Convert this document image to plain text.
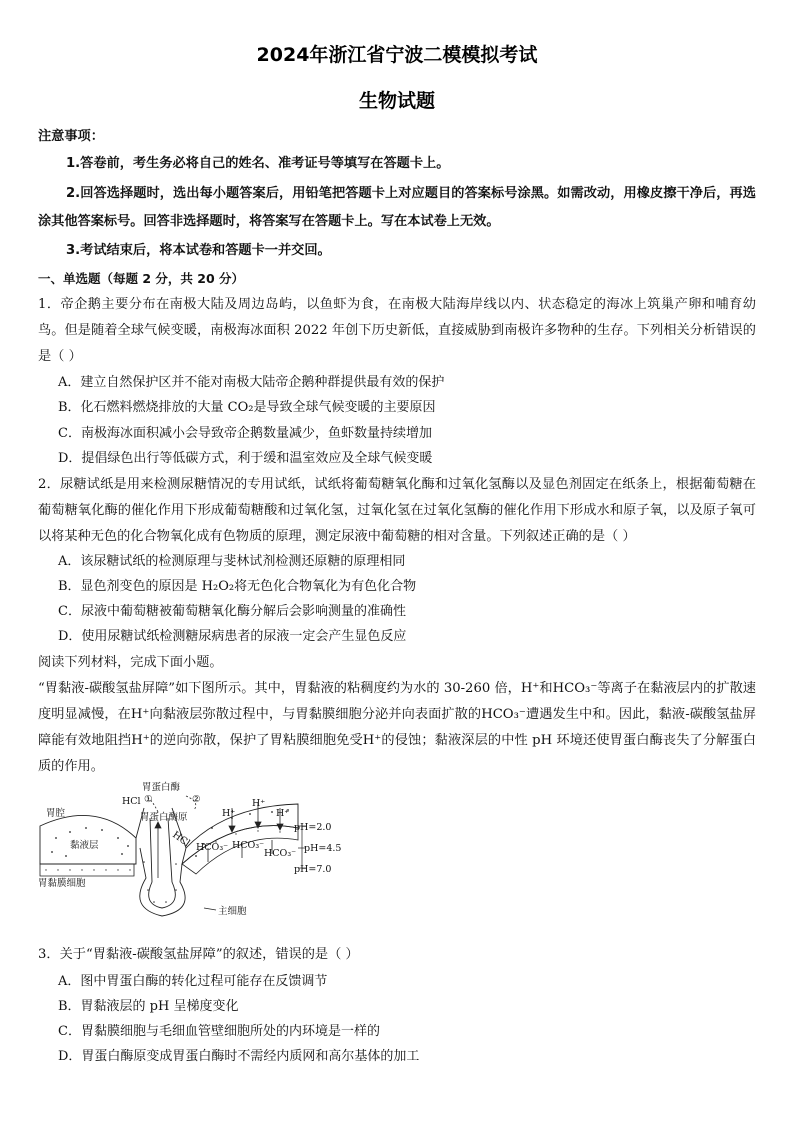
2024年浙江省宁波二模模拟考试
生物试题
注意事项：
1.答卷前，考生务必将自己的姓名、准考证号等填写在答题卡上。
2.回答选择题时，选出每小题答案后，用铅笔把答题卡上对应题目的答案标号涂黑。如需改动，用橡皮擦干净后，再选涂其他答案标号。回答非选择题时，将答案写在答题卡上。写在本试卷上无效。
3.考试结束后，将本试卷和答题卡一并交回。
一、单选题（每题 2 分，共 20 分）
1．帝企鹅主要分布在南极大陆及周边岛屿，以鱼虾为食，在南极大陆海岸线以内、状态稳定的海冰上筑巢产卵和哺育幼鸟。但是随着全球气候变暖，南极海冰面积 2022 年创下历史新低，直接威胁到南极许多物种的生存。下列相关分析错误的是（ ）
A．建立自然保护区并不能对南极大陆帝企鹅种群提供最有效的保护
B．化石燃料燃烧排放的大量 CO₂是导致全球气候变暖的主要原因
C．南极海冰面积减小会导致帝企鹅数量减少，鱼虾数量持续增加
D．提倡绿色出行等低碳方式，利于缓和温室效应及全球气候变暖
2．尿糖试纸是用来检测尿糖情况的专用试纸，试纸将葡萄糖氧化酶和过氧化氢酶以及显色剂固定在纸条上，根据葡萄糖在葡萄糖氧化酶的催化作用下形成葡萄糖酸和过氧化氢，过氧化氢在过氧化氢酶的催化作用下形成水和原子氧，以及原子氧可以将某种无色的化合物氧化成有色物质的原理，测定尿液中葡萄糖的相对含量。下列叙述正确的是（ ）
A．该尿糖试纸的检测原理与斐林试剂检测还原糖的原理相同
B．显色剂变色的原因是 H₂O₂将无色化合物氧化为有色化合物
C．尿液中葡萄糖被葡萄糖氧化酶分解后会影响测量的准确性
D．使用尿糖试纸检测糖尿病患者的尿液一定会产生显色反应
阅读下列材料，完成下面小题。
“胃黏液-碳酸氢盐屏障”如下图所示。其中，胃黏液的粘稠度约为水的 30-260 倍，H⁺和HCO₃⁻等离子在黏液层内的扩散速度明显减慢，在H⁺向黏液层弥散过程中，与胃黏膜细胞分泌并向表面扩散的HCO₃⁻遭遇发生中和。因此，黏液-碳酸氢盐屏障能有效地阻挡H⁺的逆向弥散，保护了胃粘膜细胞免受H⁺的侵蚀；黏液深层的中性 pH 环境还使胃蛋白酶丧失了分解蛋白质的作用。
胃腔
黏液层
胃黏膜细胞
胃蛋白酶
胃蛋白酶原
HCl ①	②
HCl
主细胞
H⁺
H⁺
H⁺
HCO₃⁻ HCO₃⁻
HCO₃⁻
pH=2.0
pH=4.5
pH=7.0
3．关于“胃黏液-碳酸氢盐屏障”的叙述，错误的是（ ）
A．图中胃蛋白酶的转化过程可能存在反馈调节
B．胃黏液层的 pH 呈梯度变化
C．胃黏膜细胞与毛细血管壁细胞所处的内环境是一样的
D．胃蛋白酶原变成胃蛋白酶时不需经内质网和高尔基体的加工
